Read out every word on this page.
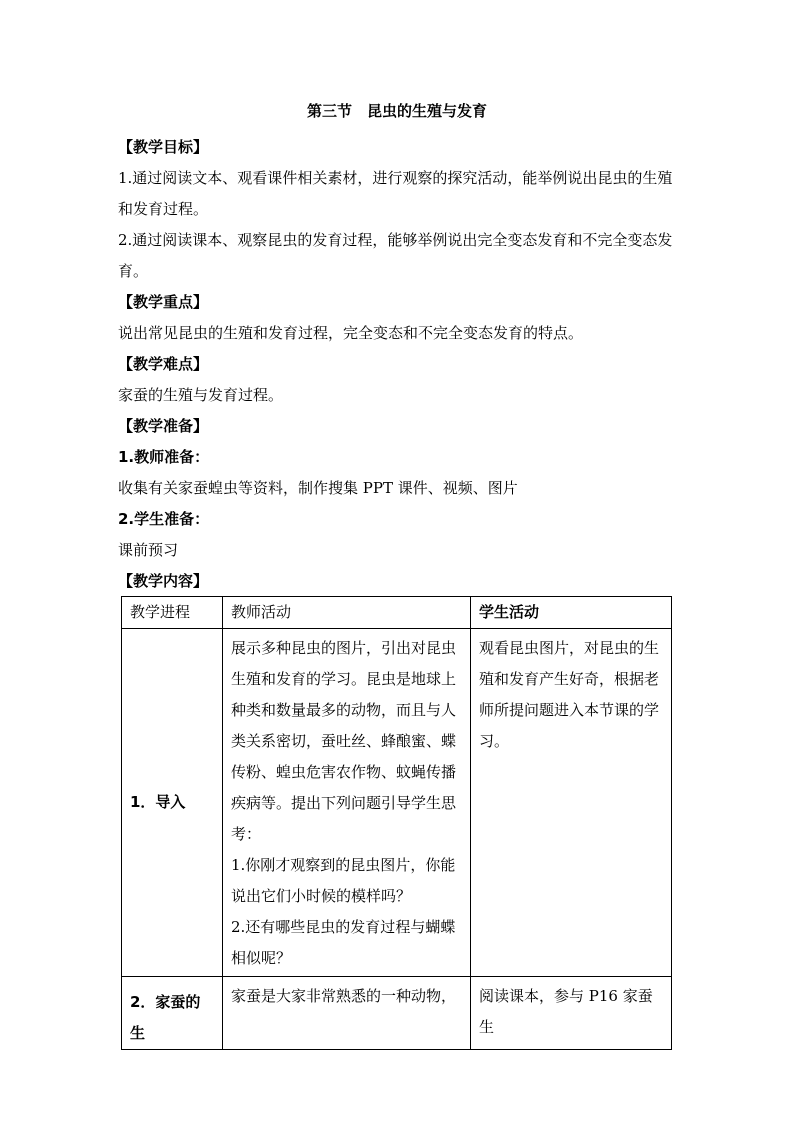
第三节　昆虫的生殖与发育
【教学目标】
1.通过阅读文本、观看课件相关素材，进行观察的探究活动，能举例说出昆虫的生殖和发育过程。
2.通过阅读课本、观察昆虫的发育过程，能够举例说出完全变态发育和不完全变态发育。
【教学重点】
说出常见昆虫的生殖和发育过程，完全变态和不完全变态发育的特点。
【教学难点】
家蚕的生殖与发育过程。
【教学准备】
1.教师准备：
收集有关家蚕蝗虫等资料，制作搜集 PPT 课件、视频、图片
2.学生准备：
课前预习
【教学内容】
教学进程	教师活动	学生活动
1．导入	展示多种昆虫的图片，引出对昆虫生殖和发育的学习。昆虫是地球上种类和数量最多的动物，而且与人类关系密切，蚕吐丝、蜂酿蜜、蝶传粉、蝗虫危害农作物、蚊蝇传播疾病等。提出下列问题引导学生思考：
1.你刚才观察到的昆虫图片，你能说出它们小时候的模样吗？
2.还有哪些昆虫的发育过程与蝴蝶相似呢？	观看昆虫图片，对昆虫的生殖和发育产生好奇，根据老师所提问题进入本节课的学习。

2．家蚕的生	家蚕是大家非常熟悉的一种动物，	阅读课本，参与 P16 家蚕生
